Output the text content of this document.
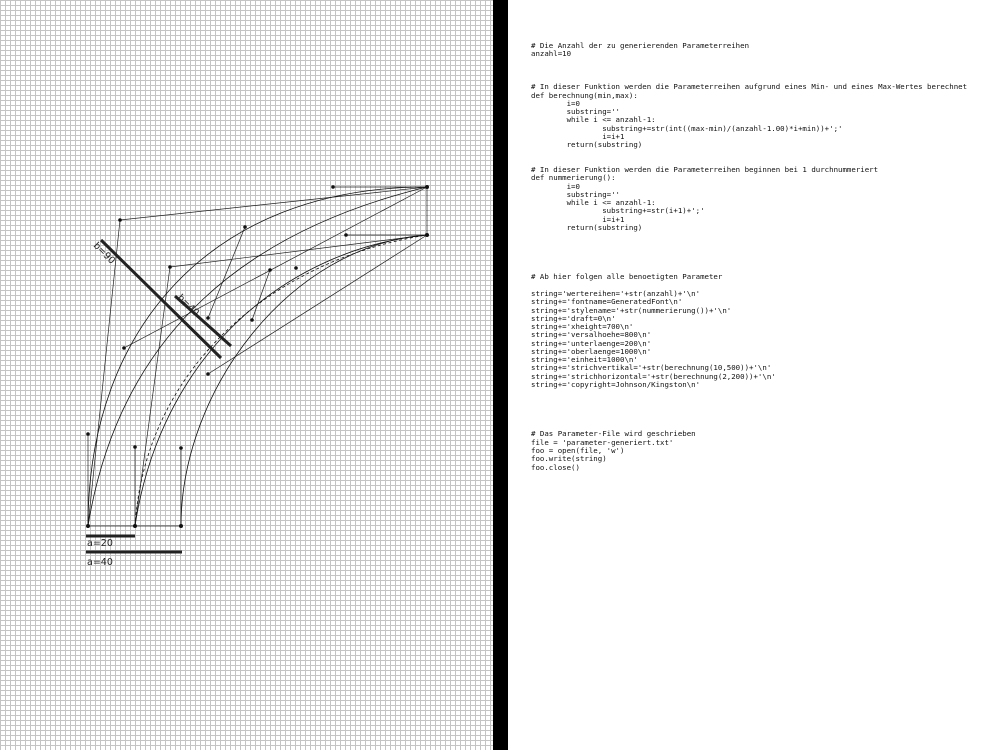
a=20
a=40
b=90
b=40
# Die Anzahl der zu generierenden Parameterreihen
anzahl=10
# In dieser Funktion werden die Parameterreihen aufgrund eines Min- und eines Max-Wertes berechnet
def berechnung(min,max):
i=0
substring=''
while i <= anzahl-1:
substring+=str(int((max-min)/(anzahl-1.00)*i+min))+';'
i=i+1
return(substring)
# In dieser Funktion werden die Parameterreihen beginnen bei 1 durchnummeriert
def nummerierung():
i=0
substring=''
while i <= anzahl-1:
substring+=str(i+1)+';'
i=i+1
return(substring)
# Ab hier folgen alle benoetigten Parameter
string='wertereihen='+str(anzahl)+'\n'
string+='fontname=GeneratedFont\n'
string+='stylename='+str(nummerierung())+'\n'
string+='draft=0\n'
string+='xheight=700\n'
string+='versalhoehe=800\n'
string+='unterlaenge=200\n'
string+='oberlaenge=1000\n'
string+='einheit=1000\n'
string+='strichvertikal='+str(berechnung(10,500))+'\n'
string+='strichhorizontal='+str(berechnung(2,200))+'\n'
string+='copyright=Johnson/Kingston\n'
# Das Parameter-File wird geschrieben
file = 'parameter-generiert.txt'
foo = open(file, 'w')
foo.write(string)
foo.close()
